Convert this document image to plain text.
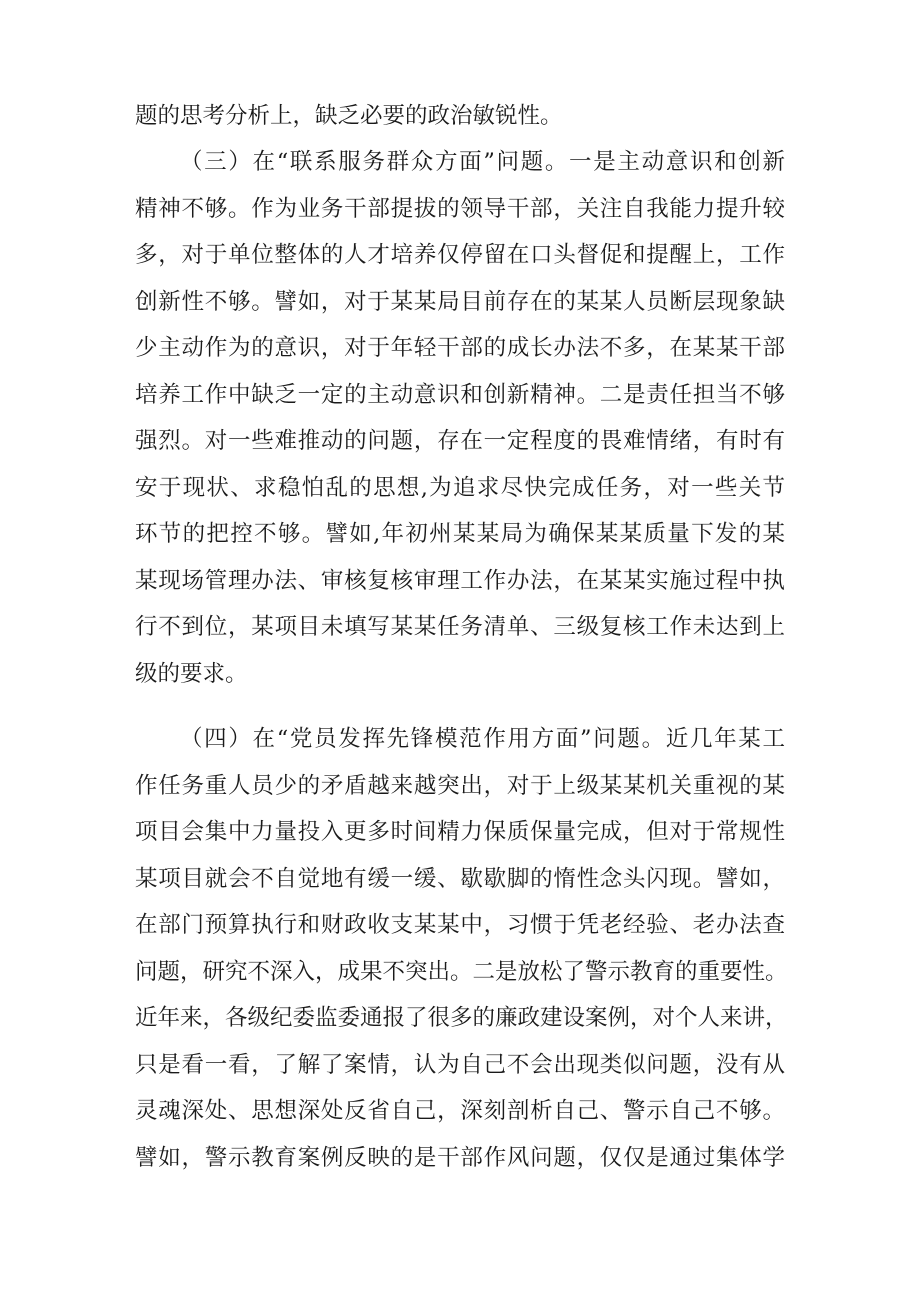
题的思考分析上，缺乏必要的政治敏锐性。
（三）在“联系服务群众方面”问题。一是主动意识和创新
精神不够。作为业务干部提拔的领导干部，关注自我能力提升较
多，对于单位整体的人才培养仅停留在口头督促和提醒上，工作
创新性不够。譬如，对于某某局目前存在的某某人员断层现象缺
少主动作为的意识，对于年轻干部的成长办法不多，在某某干部
培养工作中缺乏一定的主动意识和创新精神。二是责任担当不够
强烈。对一些难推动的问题，存在一定程度的畏难情绪，有时有
安于现状、求稳怕乱的思想,为追求尽快完成任务，对一些关节
环节的把控不够。譬如,年初州某某局为确保某某质量下发的某
某现场管理办法、审核复核审理工作办法，在某某实施过程中执
行不到位，某项目未填写某某任务清单、三级复核工作未达到上
级的要求。
（四）在“党员发挥先锋模范作用方面”问题。近几年某工
作任务重人员少的矛盾越来越突出，对于上级某某机关重视的某
项目会集中力量投入更多时间精力保质保量完成，但对于常规性
某项目就会不自觉地有缓一缓、歇歇脚的惰性念头闪现。譬如，
在部门预算执行和财政收支某某中，习惯于凭老经验、老办法查
问题，研究不深入，成果不突出。二是放松了警示教育的重要性。
近年来，各级纪委监委通报了很多的廉政建设案例，对个人来讲，
只是看一看，了解了案情，认为自己不会出现类似问题，没有从
灵魂深处、思想深处反省自己，深刻剖析自己、警示自己不够。
譬如，警示教育案例反映的是干部作风问题，仅仅是通过集体学
